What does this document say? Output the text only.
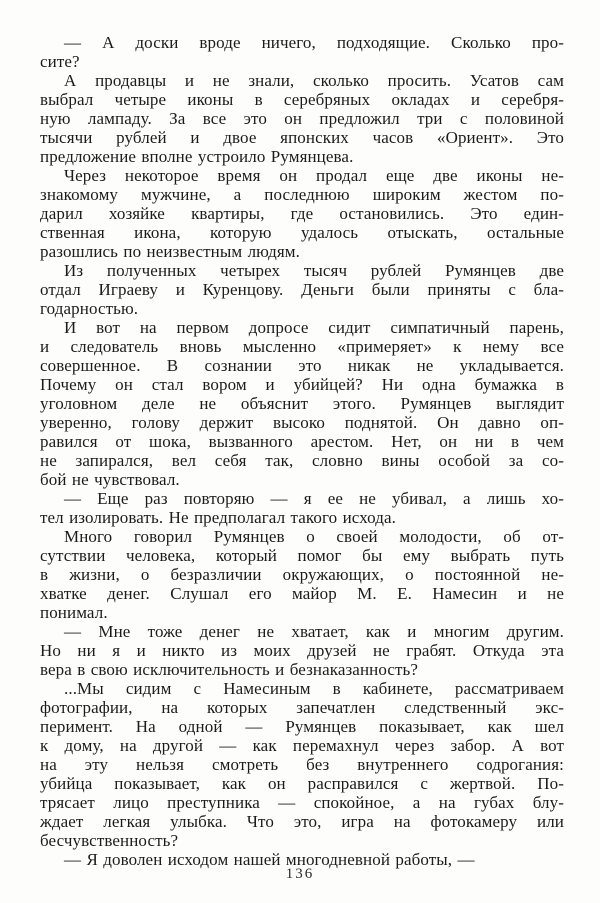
— А доски вроде ничего, подходящие. Сколько про-
сите?
А продавцы и не знали, сколько просить. Усатов сам
выбрал четыре иконы в серебряных окладах и серебря-
ную лампаду. За все это он предложил три с половиной
тысячи рублей и двое японских часов «Ориент». Это
предложение вполне устроило Румянцева.
Через некоторое время он продал еще две иконы не-
знакомому мужчине, а последнюю широким жестом по-
дарил хозяйке квартиры, где остановились. Это един-
ственная икона, которую удалось отыскать, остальные
разошлись по неизвестным людям.
Из полученных четырех тысяч рублей Румянцев две
отдал Играеву и Куренцову. Деньги были приняты с бла-
годарностью.
И вот на первом допросе сидит симпатичный парень,
и следователь вновь мысленно «примеряет» к нему все
совершенное. В сознании это никак не укладывается.
Почему он стал вором и убийцей? Ни одна бумажка в
уголовном деле не объяснит этого. Румянцев выглядит
уверенно, голову держит высоко поднятой. Он давно оп-
равился от шока, вызванного арестом. Нет, он ни в чем
не запирался, вел себя так, словно вины особой за со-
бой не чувствовал.
— Еще раз повторяю — я ее не убивал, а лишь хо-
тел изолировать. Не предполагал такого исхода.
Много говорил Румянцев о своей молодости, об от-
сутствии человека, который помог бы ему выбрать путь
в жизни, о безразличии окружающих, о постоянной не-
хватке денег. Слушал его майор М. Е. Намесин и не
понимал.
— Мне тоже денег не хватает, как и многим другим.
Но ни я и никто из моих друзей не грабят. Откуда эта
вера в свою исключительность и безнаказанность?
...Мы сидим с Намесиным в кабинете, рассматриваем
фотографии, на которых запечатлен следственный экс-
перимент. На одной — Румянцев показывает, как шел
к дому, на другой — как перемахнул через забор. А вот
на эту нельзя смотреть без внутреннего содрогания:
убийца показывает, как он расправился с жертвой. По-
трясает лицо преступника — спокойное, а на губах блу-
ждает легкая улыбка. Что это, игра на фотокамеру или
бесчувственность?
— Я доволен исходом нашей многодневной работы, —
136
